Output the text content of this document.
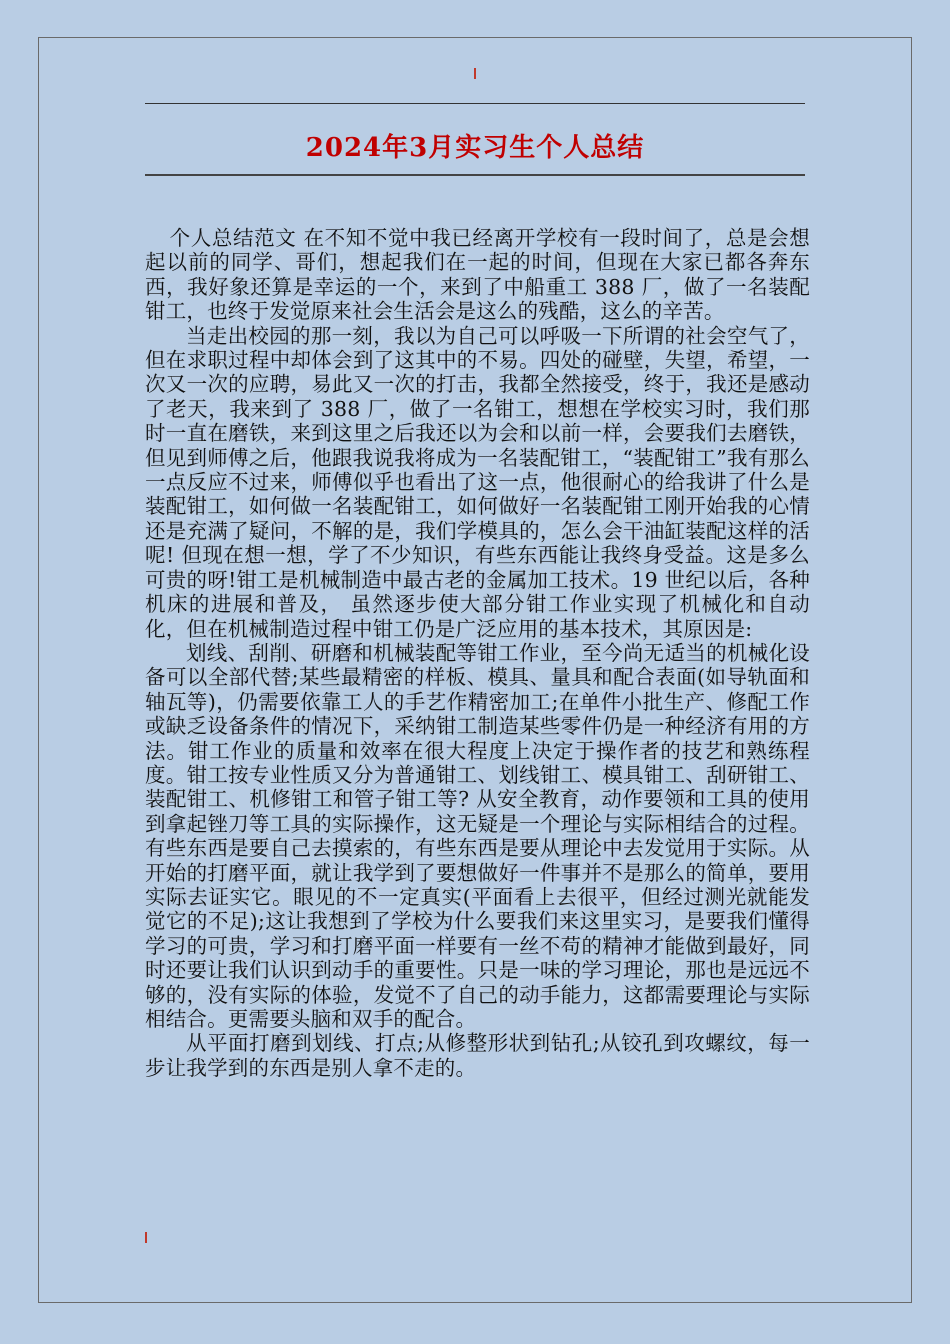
2024年3月实习生个人总结

个人总结范文 在不知不觉中我已经离开学校有一段时间了，总是会想起以前的同学、哥们，想起我们在一起的时间，但现在大家已都各奔东西，我好象还算是幸运的一个，来到了中船重工 388 厂，做了一名装配钳工，也终于发觉原来社会生活会是这么的残酷，这么的辛苦。

当走出校园的那一刻，我以为自己可以呼吸一下所谓的社会空气了，但在求职过程中却体会到了这其中的不易。四处的碰壁，失望，希望，一次又一次的应聘，易此又一次的打击，我都全然接受，终于，我还是感动了老天，我来到了 388 厂，做了一名钳工，想想在学校实习时，我们那时一直在磨铁，来到这里之后我还以为会和以前一样，会要我们去磨铁，但见到师傅之后，他跟我说我将成为一名装配钳工，“装配钳工”我有那么一点反应不过来，师傅似乎也看出了这一点，他很耐心的给我讲了什么是装配钳工，如何做一名装配钳工，如何做好一名装配钳工刚开始我的心情还是充满了疑问，不解的是，我们学模具的，怎么会干油缸装配这样的活呢! 但现在想一想，学了不少知识，有些东西能让我终身受益。这是多么可贵的呀!钳工是机械制造中最古老的金属加工技术。19 世纪以后，各种机床的进展和普及， 虽然逐步使大部分钳工作业实现了机械化和自动化，但在机械制造过程中钳工仍是广泛应用的基本技术，其原因是:

划线、刮削、研磨和机械装配等钳工作业，至今尚无适当的机械化设备可以全部代替;某些最精密的样板、模具、量具和配合表面(如导轨面和轴瓦等)，仍需要依靠工人的手艺作精密加工;在单件小批生产、修配工作或缺乏设备条件的情况下，采纳钳工制造某些零件仍是一种经济有用的方法。钳工作业的质量和效率在很大程度上决定于操作者的技艺和熟练程度。钳工按专业性质又分为普通钳工、划线钳工、模具钳工、刮研钳工、装配钳工、机修钳工和管子钳工等? 从安全教育，动作要领和工具的使用到拿起锉刀等工具的实际操作，这无疑是一个理论与实际相结合的过程。有些东西是要自己去摸索的，有些东西是要从理论中去发觉用于实际。从开始的打磨平面，就让我学到了要想做好一件事并不是那么的简单，要用实际去证实它。眼见的不一定真实(平面看上去很平，但经过测光就能发觉它的不足);这让我想到了学校为什么要我们来这里实习，是要我们懂得学习的可贵，学习和打磨平面一样要有一丝不苟的精神才能做到最好，同时还要让我们认识到动手的重要性。只是一味的学习理论，那也是远远不够的，没有实际的体验，发觉不了自己的动手能力，这都需要理论与实际相结合。更需要头脑和双手的配合。

从平面打磨到划线、打点;从修整形状到钻孔;从铰孔到攻螺纹，每一步让我学到的东西是别人拿不走的。
